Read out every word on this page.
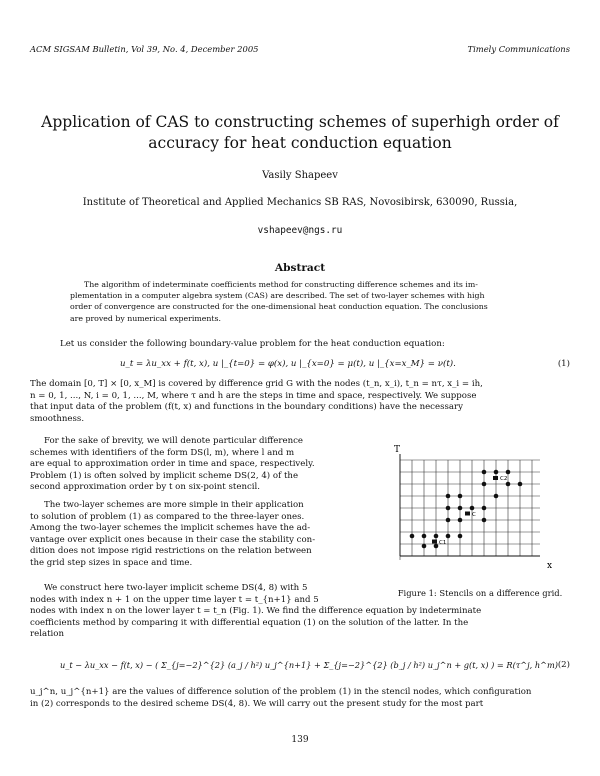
ACM SIGSAM Bulletin, Vol 39, No. 4, December 2005	Timely Communications
Application of CAS to constructing schemes of superhigh order of
accuracy for heat conduction equation
Vasily Shapeev
Institute of Theoretical and Applied Mechanics SB RAS, Novosibirsk, 630090, Russia,
vshapeev@ngs.ru
Abstract
The algorithm of indeterminate coefficients method for constructing difference schemes and its im-
plementation in a computer algebra system (CAS) are described. The set of two-layer schemes with high
order of convergence are constructed for the one-dimensional heat conduction equation. The conclusions
are proved by numerical experiments.
Let us consider the following boundary-value problem for the heat conduction equation:
u_t = λu_xx + f(t, x), u |_{t=0} = φ(x), u |_{x=0} = μ(t), u |_{x=x_M} = ν(t).	(1)
The domain [0, T] × [0, x_M] is covered by difference grid G with the nodes (t_n, x_i), t_n = nτ, x_i = ih,
n = 0, 1, ..., N, i = 0, 1, ..., M, where τ and h are the steps in time and space, respectively. We suppose
that input data of the problem (f(t, x) and functions in the boundary conditions) have the necessary
smoothness.
For the sake of brevity, we will denote particular difference
schemes with identifiers of the form DS(l, m), where l and m
are equal to approximation order in time and space, respectively.
Problem (1) is often solved by implicit scheme DS(2, 4) of the
second approximation order by t on six-point stencil.
The two-layer schemes are more simple in their application
to solution of problem (1) as compared to the three-layer ones.
Among the two-layer schemes the implicit schemes have the ad-
vantage over explicit ones because in their case the stability con-
dition does not impose rigid restrictions on the relation between
the grid step sizes in space and time.
We construct here two-layer implicit scheme DS(4, 8) with 5
nodes with index n + 1 on the upper time layer t = t_{n+1} and 5
nodes with index n on the lower layer t = t_n (Fig. 1). We find the difference equation by indeterminate
coefficients method by comparing it with differential equation (1) on the solution of the latter. In the
relation
u_t − λu_xx − f(t, x) − ( Σ_{j=−2}^{2} (a_j / h²) u_j^{n+1} + Σ_{j=−2}^{2} (b_j / h²) u_j^n + g(t, x) ) = R(τ^j, h^m) (2)
u_j^n, u_j^{n+1} are the values of difference solution of the problem (1) in the stencil nodes, which configuration
in (2) corresponds to the desired scheme DS(4, 8). We will carry out the present study for the most part
T
x
C1
C
C2
Figure 1: Stencils on a difference grid.
139
